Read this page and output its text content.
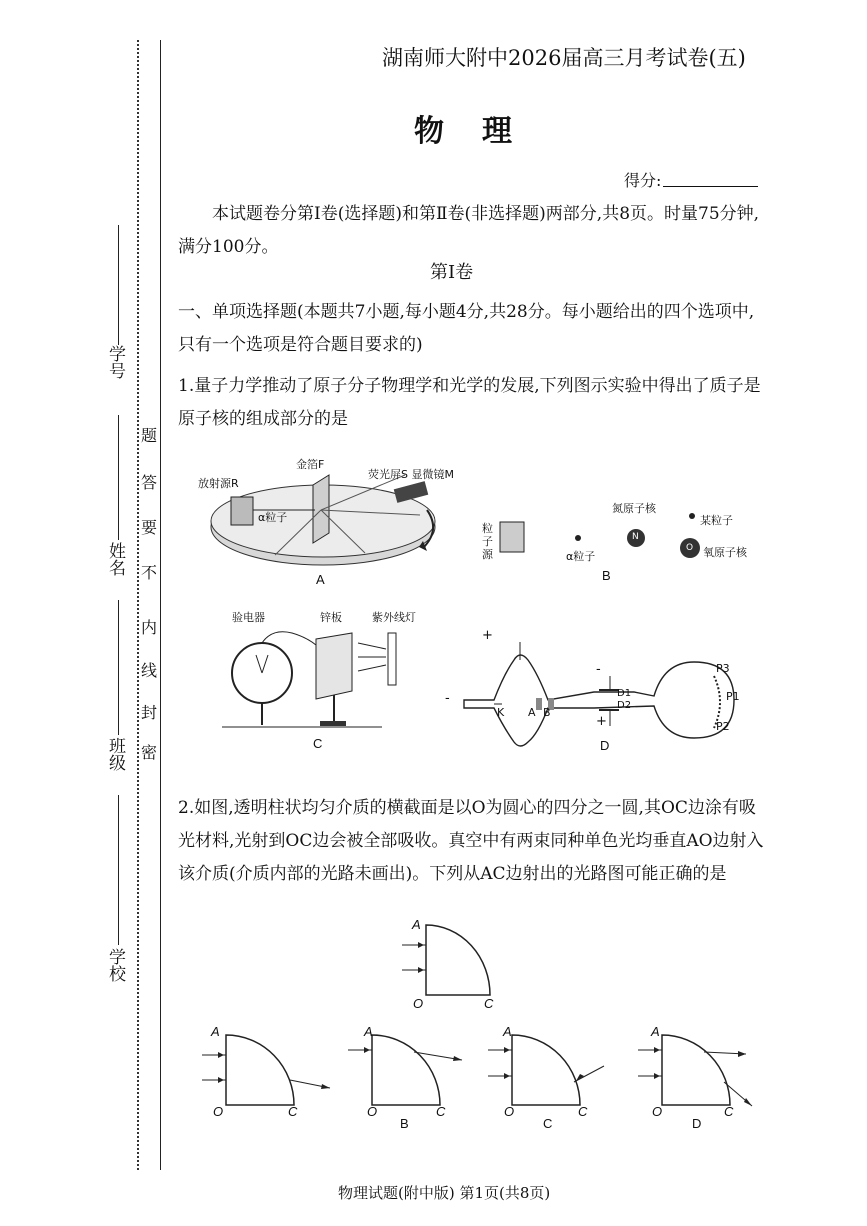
学号
姓名
班级
学校
密
封
线
内
不
要
答
题
湖南师大附中2026届高三月考试卷(五)
物理
得分:
本试题卷分第Ⅰ卷(选择题)和第Ⅱ卷(非选择题)两部分,共8页。时量75分钟,满分100分。
第Ⅰ卷
一、单项选择题(本题共7小题,每小题4分,共28分。每小题给出的四个选项中,只有一个选项是符合题目要求的)
1.量子力学推动了原子分子物理学和光学的发展,下列图示实验中得出了质子是原子核的组成部分的是
放射源R
金箔F
荧光屏S 显微镜M
α粒子
A
粒子源	α粒子
氮原子核
N
某粒子
O 氧原子核
B
验电器	锌板	紫外线灯
C
+
-
K A B
-
+
D1
D2
P3
P1
P2
D
2.如图,透明柱状均匀介质的横截面是以O为圆心的四分之一圆,其OC边涂有吸光材料,光射到OC边会被全部吸收。真空中有两束同种单色光均垂直AO边射入该介质(介质内部的光路未画出)。下列从AC边射出的光路图可能正确的是
A
O	C
A
O	C
A
O	C
B
A
O	C
C
A
O	C
D
物理试题(附中版) 第1页(共8页)
